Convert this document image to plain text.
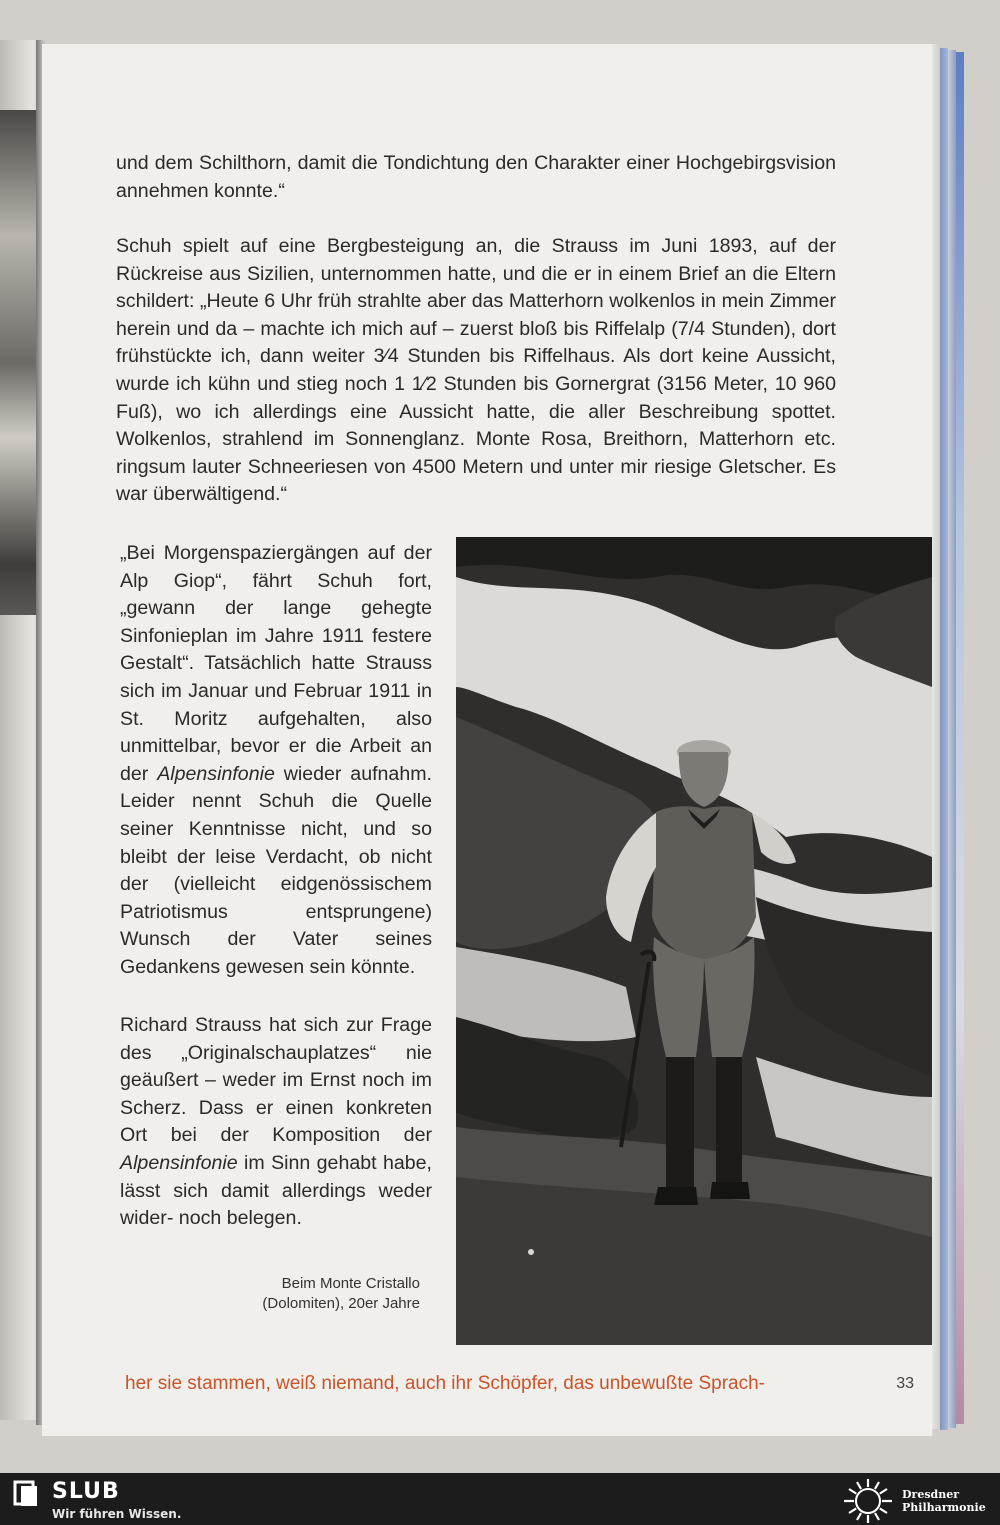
und dem Schilthorn, damit die Tondichtung den Charakter einer Hochgebirgsvision annehmen konnte.“

Schuh spielt auf eine Bergbesteigung an, die Strauss im Juni 1893, auf der Rückreise aus Sizilien, unternommen hatte, und die er in einem Brief an die Eltern schildert: „Heute 6 Uhr früh strahlte aber das Matterhorn wolkenlos in mein Zimmer herein und da – machte ich mich auf – zuerst bloß bis Riffelalp (7/4 Stunden), dort frühstückte ich, dann weiter 3⁄4 Stunden bis Riffelhaus. Als dort keine Aussicht, wurde ich kühn und stieg noch 1 1⁄2 Stunden bis Gornergrat (3156 Meter, 10 960 Fuß), wo ich allerdings eine Aussicht hatte, die aller Beschreibung spottet. Wolkenlos, strahlend im Sonnenglanz. Monte Rosa, Breithorn, Matterhorn etc. ringsum lauter Schneeriesen von 4500 Metern und unter mir riesige Gletscher. Es war überwältigend.“

„Bei Morgenspaziergängen auf der Alp Giop“, fährt Schuh fort, „gewann der lange gehegte Sinfonieplan im Jahre 1911 festere Gestalt“. Tatsächlich hatte Strauss sich im Januar und Februar 1911 in St. Moritz aufgehalten, also unmittelbar, bevor er die Arbeit an der Alpensinfonie wieder aufnahm. Leider nennt Schuh die Quelle seiner Kenntnisse nicht, und so bleibt der leise Verdacht, ob nicht der (vielleicht eidgenössischem Patriotismus entsprungene) Wunsch der Vater seines Gedankens gewesen sein könnte.

Richard Strauss hat sich zur Frage des „Originalschauplatzes“ nie geäußert – weder im Ernst noch im Scherz. Dass er einen konkreten Ort bei der Komposition der Alpensinfonie im Sinn gehabt habe, lässt sich damit allerdings weder wider- noch belegen.

Beim Monte Cristallo
(Dolomiten), 20er Jahre
her sie stammen, weiß niemand, auch ihr Schöpfer, das unbewußte Sprach-	33
SLUB
Wir führen Wissen.
Dresdner
Philharmonie
